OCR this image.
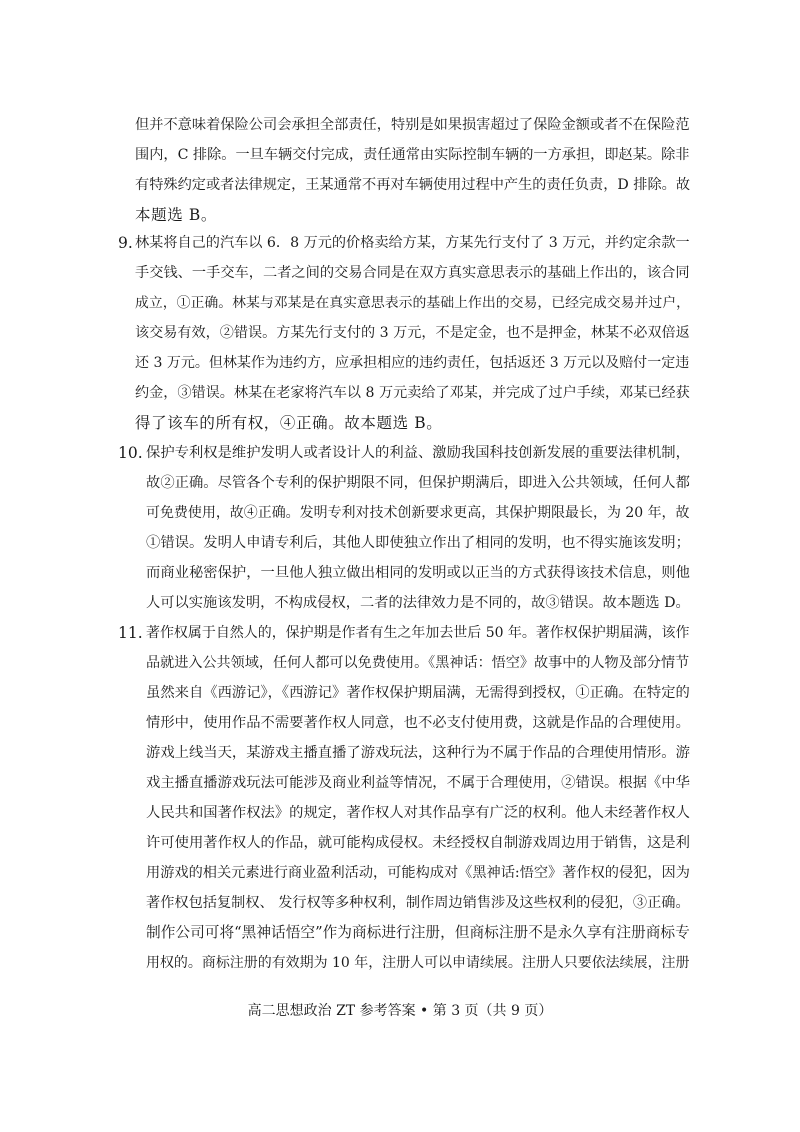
但并不意味着保险公司会承担全部责任，特别是如果损害超过了保险金额或者不在保险范
围内，C 排除。一旦车辆交付完成，责任通常由实际控制车辆的一方承担，即赵某。除非
有特殊约定或者法律规定，王某通常不再对车辆使用过程中产生的责任负责，D 排除。故
本题选 B。
9. 林某将自己的汽车以 6．8 万元的价格卖给方某，方某先行支付了 3 万元，并约定余款一
手交钱、一手交车，二者之间的交易合同是在双方真实意思表示的基础上作出的，该合同
成立，①正确。林某与邓某是在真实意思表示的基础上作出的交易，已经完成交易并过户，
该交易有效，②错误。方某先行支付的 3 万元，不是定金，也不是押金，林某不必双倍返
还 3 万元。但林某作为违约方，应承担相应的违约责任，包括返还 3 万元以及赔付一定违
约金，③错误。林某在老家将汽车以 8 万元卖给了邓某，并完成了过户手续，邓某已经获
得了该车的所有权，④正确。故本题选 B。
10. 保护专利权是维护发明人或者设计人的利益、激励我国科技创新发展的重要法律机制，
故②正确。尽管各个专利的保护期限不同，但保护期满后，即进入公共领域，任何人都
可免费使用，故④正确。发明专利对技术创新要求更高，其保护期限最长，为 20 年，故
①错误。发明人申请专利后，其他人即使独立作出了相同的发明，也不得实施该发明；
而商业秘密保护，一旦他人独立做出相同的发明或以正当的方式获得该技术信息，则他
人可以实施该发明，不构成侵权，二者的法律效力是不同的，故③错误。故本题选 D。
11. 著作权属于自然人的，保护期是作者有生之年加去世后 50 年。著作权保护期届满，该作
品就进入公共领域，任何人都可以免费使用。《黑神话：悟空》故事中的人物及部分情节
虽然来自《西游记》，《西游记》著作权保护期届满，无需得到授权，①正确。在特定的
情形中，使用作品不需要著作权人同意，也不必支付使用费，这就是作品的合理使用。
游戏上线当天，某游戏主播直播了游戏玩法，这种行为不属于作品的合理使用情形。游
戏主播直播游戏玩法可能涉及商业利益等情况，不属于合理使用，②错误。根据《中华
人民共和国著作权法》的规定，著作权人对其作品享有广泛的权利。他人未经著作权人
许可使用著作权人的作品，就可能构成侵权。未经授权自制游戏周边用于销售，这是利
用游戏的相关元素进行商业盈利活动，可能构成对《黑神话:悟空》著作权的侵犯，因为
著作权包括复制权、 发行权等多种权利，制作周边销售涉及这些权利的侵犯，③正确。
制作公司可将“黑神话悟空”作为商标进行注册，但商标注册不是永久享有注册商标专
用权的。商标注册的有效期为 10 年，注册人可以申请续展。注册人只要依法续展，注册
高二思想政治 ZT 参考答案 • 第 3 页（共 9 页）
